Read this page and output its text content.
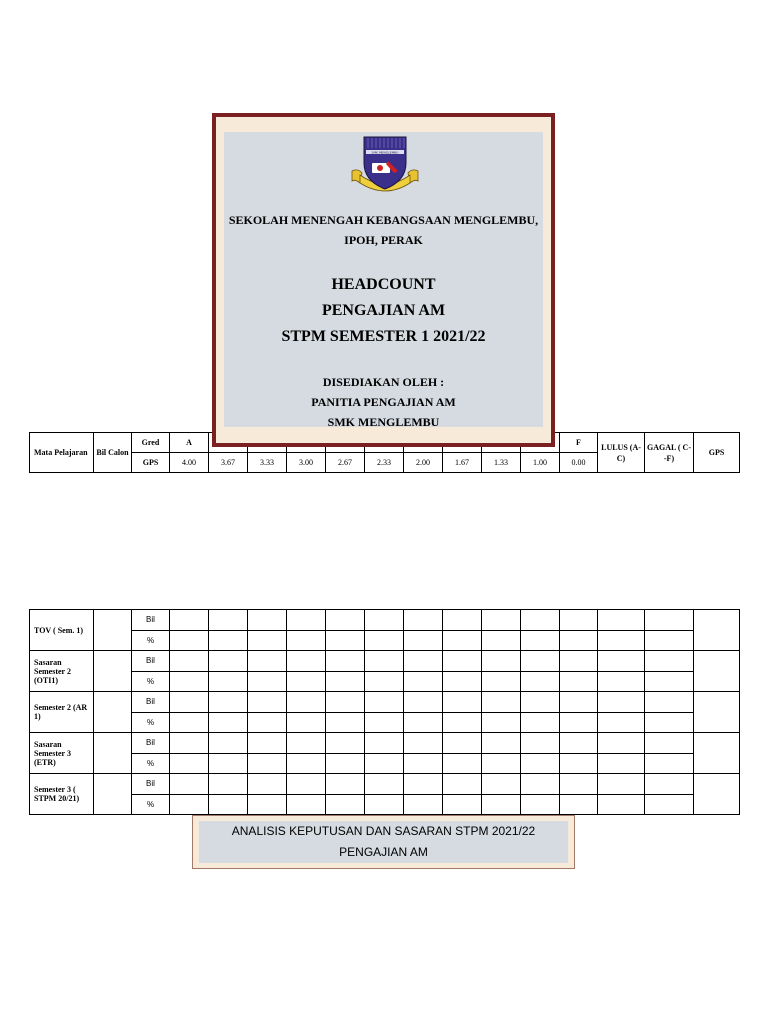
Mata Pelajaran	Bil Calon	Gred	A										F	LULUS (A-C)	GAGAL ( C- -F)	GPS
		GPS	4.00	3.67	3.33	3.00	2.67	2.33	2.00	1.67	1.33	1.00	0.00			
TOV ( Sem. 1)		Bil														
		%														
Sasaran Semester 2 (OTI1)		Bil														
		%														
Semester 2 (AR 1)		Bil														
		%														
Sasaran Semester 3 (ETR)		Bil														
		%														
Semester 3 ( STPM 20/21)		Bil														
		%														
SMK MENGLEMBU
SEKOLAH MENENGAH KEBANGSAAN MENGLEMBU,
IPOH, PERAK
HEADCOUNT
PENGAJIAN AM
STPM SEMESTER 1 2021/22
DISEDIAKAN OLEH :
PANITIA PENGAJIAN AM
SMK MENGLEMBU
ANALISIS KEPUTUSAN DAN SASARAN STPM 2021/22
PENGAJIAN AM
